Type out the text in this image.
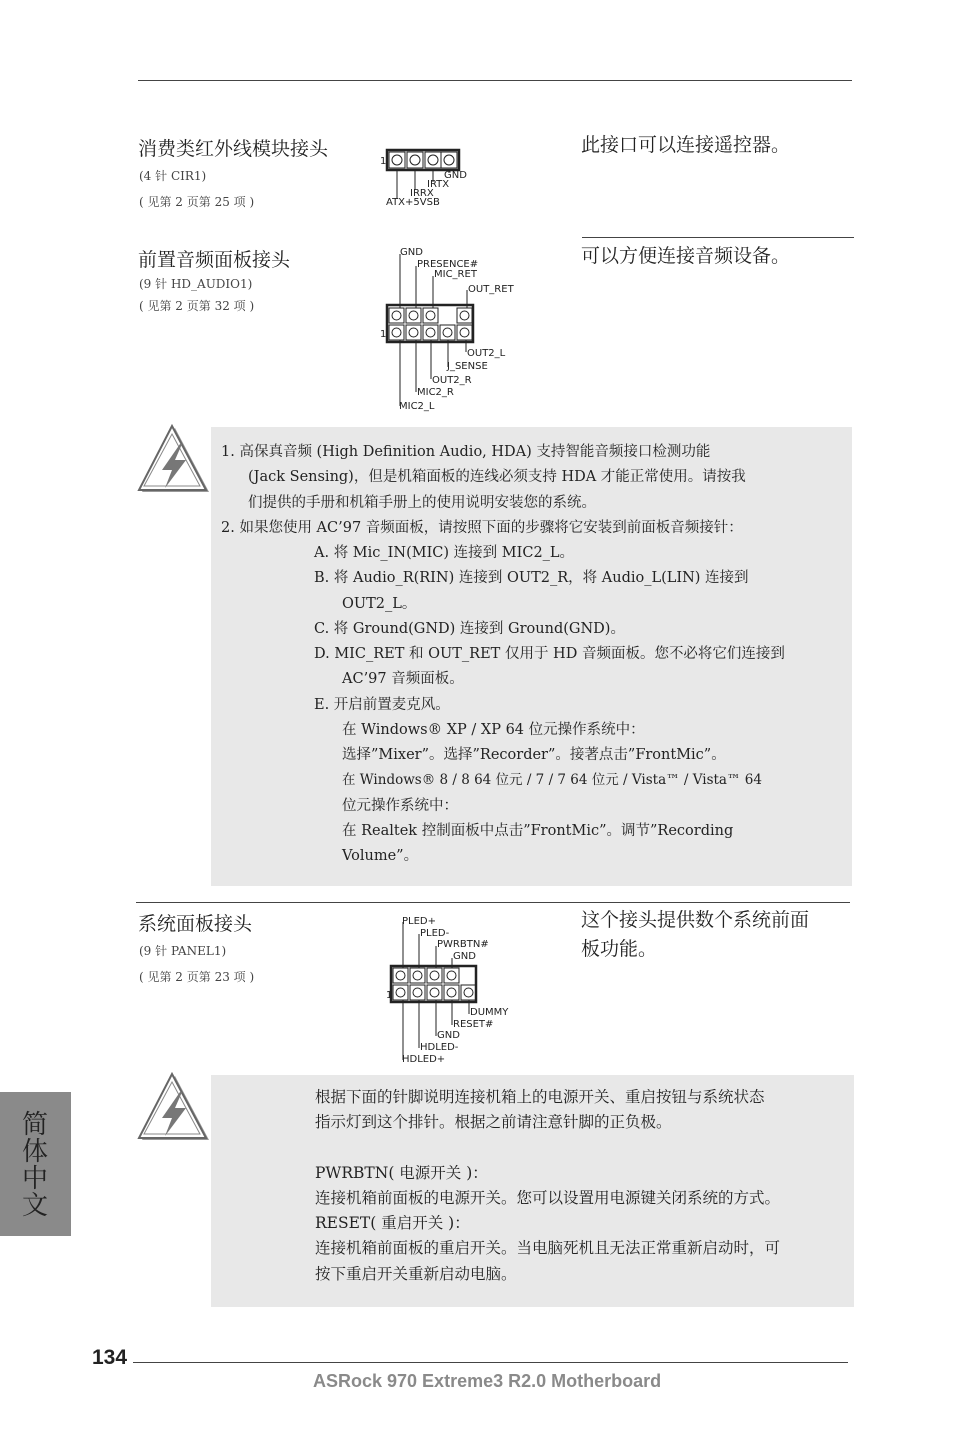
消费类红外线模块接头
(4 针 CIR1)
( 见第 2 页第 25 项 )
此接口可以连接遥控器。
1
GND
IRTX
IRRX
ATX+5VSB
前置音频面板接头
(9 针 HD_AUDIO1)
( 见第 2 页第 32 项 )
可以方便连接音频设备。
1
GND
PRESENCE#
MIC_RET
OUT_RET
OUT2_L
J_SENSE
OUT2_R
MIC2_R
MIC2_L
1. 高保真音频 (High Definition Audio, HDA) 支持智能音频接口检测功能
(Jack Sensing)，但是机箱面板的连线必须支持 HDA 才能正常使用。请按我
们提供的手册和机箱手册上的使用说明安装您的系统。
2. 如果您使用 AC’97 音频面板，请按照下面的步骤将它安装到前面板音频接针：
A. 将 Mic_IN(MIC) 连接到 MIC2_L。
B. 将 Audio_R(RIN) 连接到 OUT2_R，将 Audio_L(LIN) 连接到
OUT2_L。
C. 将 Ground(GND) 连接到 Ground(GND)。
D. MIC_RET 和 OUT_RET 仅用于 HD 音频面板。您不必将它们连接到
AC’97 音频面板。
E. 开启前置麦克风。
在 Windows® XP / XP 64 位元操作系统中：
选择”Mixer”。选择”Recorder”。接著点击”FrontMic”。
在 Windows® 8 / 8 64 位元 / 7 / 7 64 位元 / Vista™ / Vista™ 64
位元操作系统中：
在 Realtek 控制面板中点击”FrontMic”。调节”Recording
Volume”。
系统面板接头
(9 针 PANEL1)
( 见第 2 页第 23 项 )
这个接头提供数个系统前面
板功能。
1
PLED+
PLED-
PWRBTN#
GND
DUMMY
RESET#
GND
HDLED-
HDLED+
根据下面的针脚说明连接机箱上的电源开关、重启按钮与系统状态
指示灯到这个排针。根据之前请注意针脚的正负极。
PWRBTN( 电源开关 )：
连接机箱前面板的电源开关。您可以设置用电源键关闭系统的方式。
RESET( 重启开关 )：
连接机箱前面板的重启开关。当电脑死机且无法正常重新启动时，可
按下重启开关重新启动电脑。
简体中文
134
ASRock 970 Extreme3 R2.0 Motherboard
